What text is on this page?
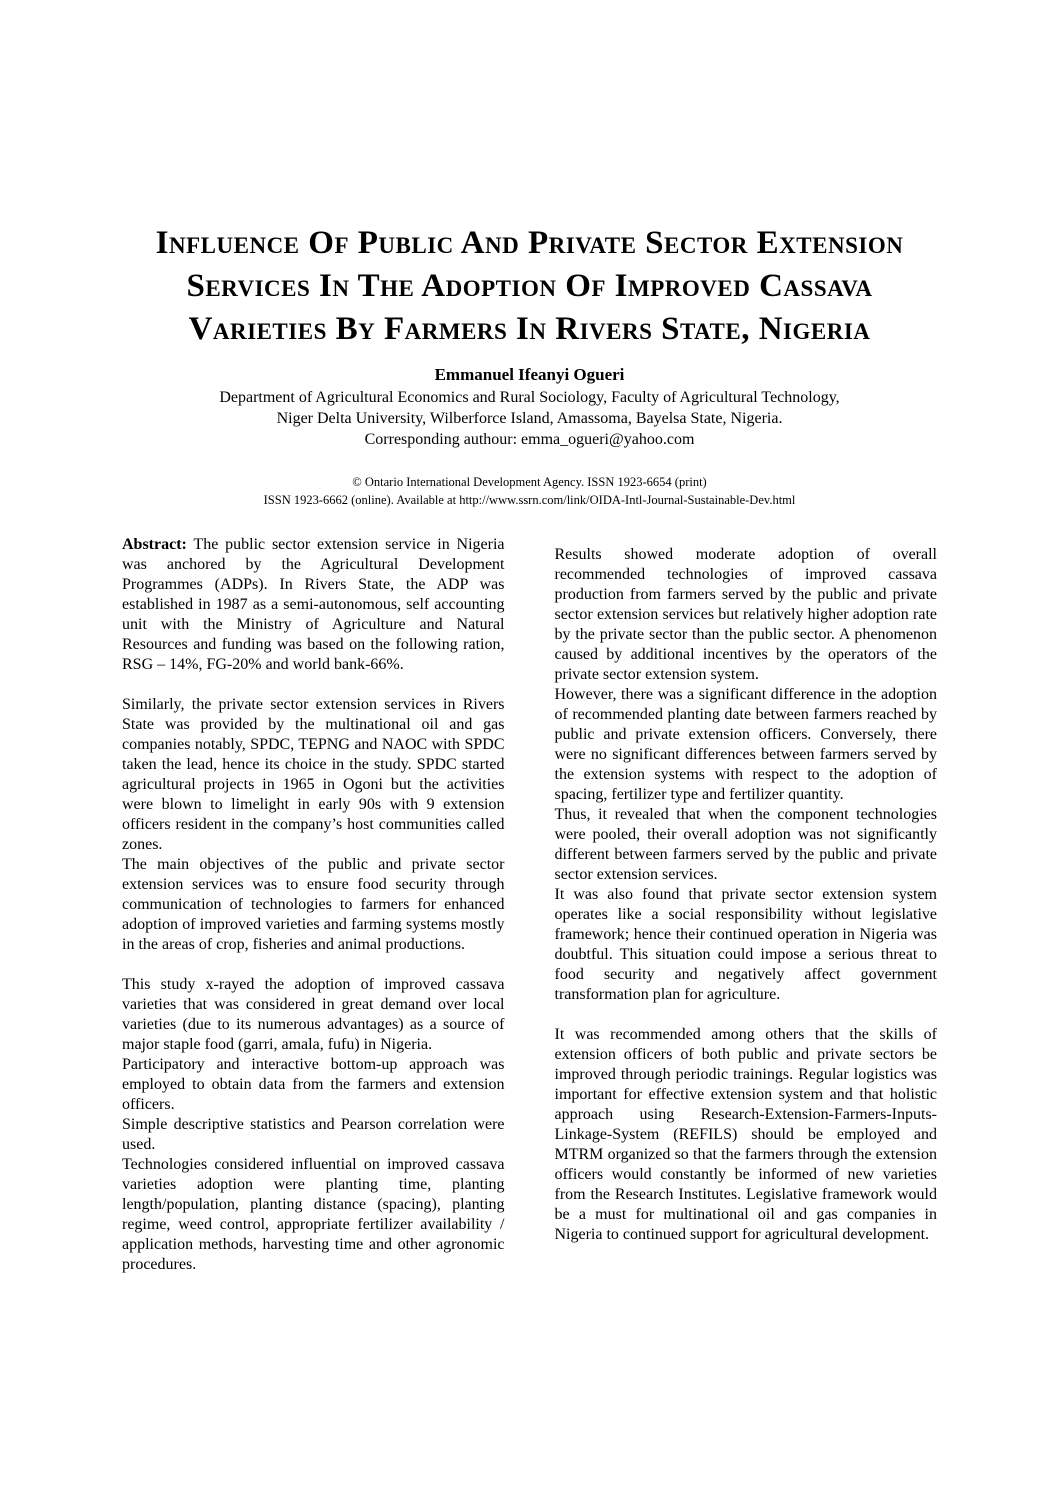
Influence Of Public And Private Sector Extension
Services In The Adoption Of Improved Cassava
Varieties By Farmers In Rivers State, Nigeria
Emmanuel Ifeanyi Ogueri
Department of Agricultural Economics and Rural Sociology, Faculty of Agricultural Technology,
Niger Delta University, Wilberforce Island, Amassoma, Bayelsa State, Nigeria.
Corresponding authour: emma_ogueri@yahoo.com
© Ontario International Development Agency. ISSN 1923-6654 (print)
ISSN 1923-6662 (online). Available at http://www.ssrn.com/link/OIDA-Intl-Journal-Sustainable-Dev.html

Abstract: The public sector extension service in Nigeria was anchored by the Agricultural Development Programmes (ADPs). In Rivers State, the ADP was established in 1987 as a semi-autonomous, self accounting unit with the Ministry of Agriculture and Natural Resources and funding was based on the following ration, RSG – 14%, FG-20% and world bank-66%.

Similarly, the private sector extension services in Rivers State was provided by the multinational oil and gas companies notably, SPDC, TEPNG and NAOC with SPDC taken the lead, hence its choice in the study. SPDC started agricultural projects in 1965 in Ogoni but the activities were blown to limelight in early 90s with 9 extension officers resident in the company’s host communities called zones.

The main objectives of the public and private sector extension services was to ensure food security through communication of technologies to farmers for enhanced adoption of improved varieties and farming systems mostly in the areas of crop, fisheries and animal productions.

This study x-rayed the adoption of improved cassava varieties that was considered in great demand over local varieties (due to its numerous advantages) as a source of major staple food (garri, amala, fufu) in Nigeria.

Participatory and interactive bottom-up approach was employed to obtain data from the farmers and extension officers.

Simple descriptive statistics and Pearson correlation were used.

Technologies considered influential on improved cassava varieties adoption were planting time, planting length/population, planting distance (spacing), planting regime, weed control, appropriate fertilizer availability / application methods, harvesting time and other agronomic procedures.

Results showed moderate adoption of overall recommended technologies of improved cassava production from farmers served by the public and private sector extension services but relatively higher adoption rate by the private sector than the public sector. A phenomenon caused by additional incentives by the operators of the private sector extension system.

However, there was a significant difference in the adoption of recommended planting date between farmers reached by public and private extension officers. Conversely, there were no significant differences between farmers served by the extension systems with respect to the adoption of spacing, fertilizer type and fertilizer quantity.

Thus, it revealed that when the component technologies were pooled, their overall adoption was not significantly different between farmers served by the public and private sector extension services.

It was also found that private sector extension system operates like a social responsibility without legislative framework; hence their continued operation in Nigeria was doubtful. This situation could impose a serious threat to food security and negatively affect government transformation plan for agriculture.

It was recommended among others that the skills of extension officers of both public and private sectors be improved through periodic trainings. Regular logistics was important for effective extension system and that holistic approach using Research-Extension-Farmers-Inputs-Linkage-System (REFILS) should be employed and MTRM organized so that the farmers through the extension officers would constantly be informed of new varieties from the Research Institutes. Legislative framework would be a must for multinational oil and gas companies in Nigeria to continued support for agricultural development.
